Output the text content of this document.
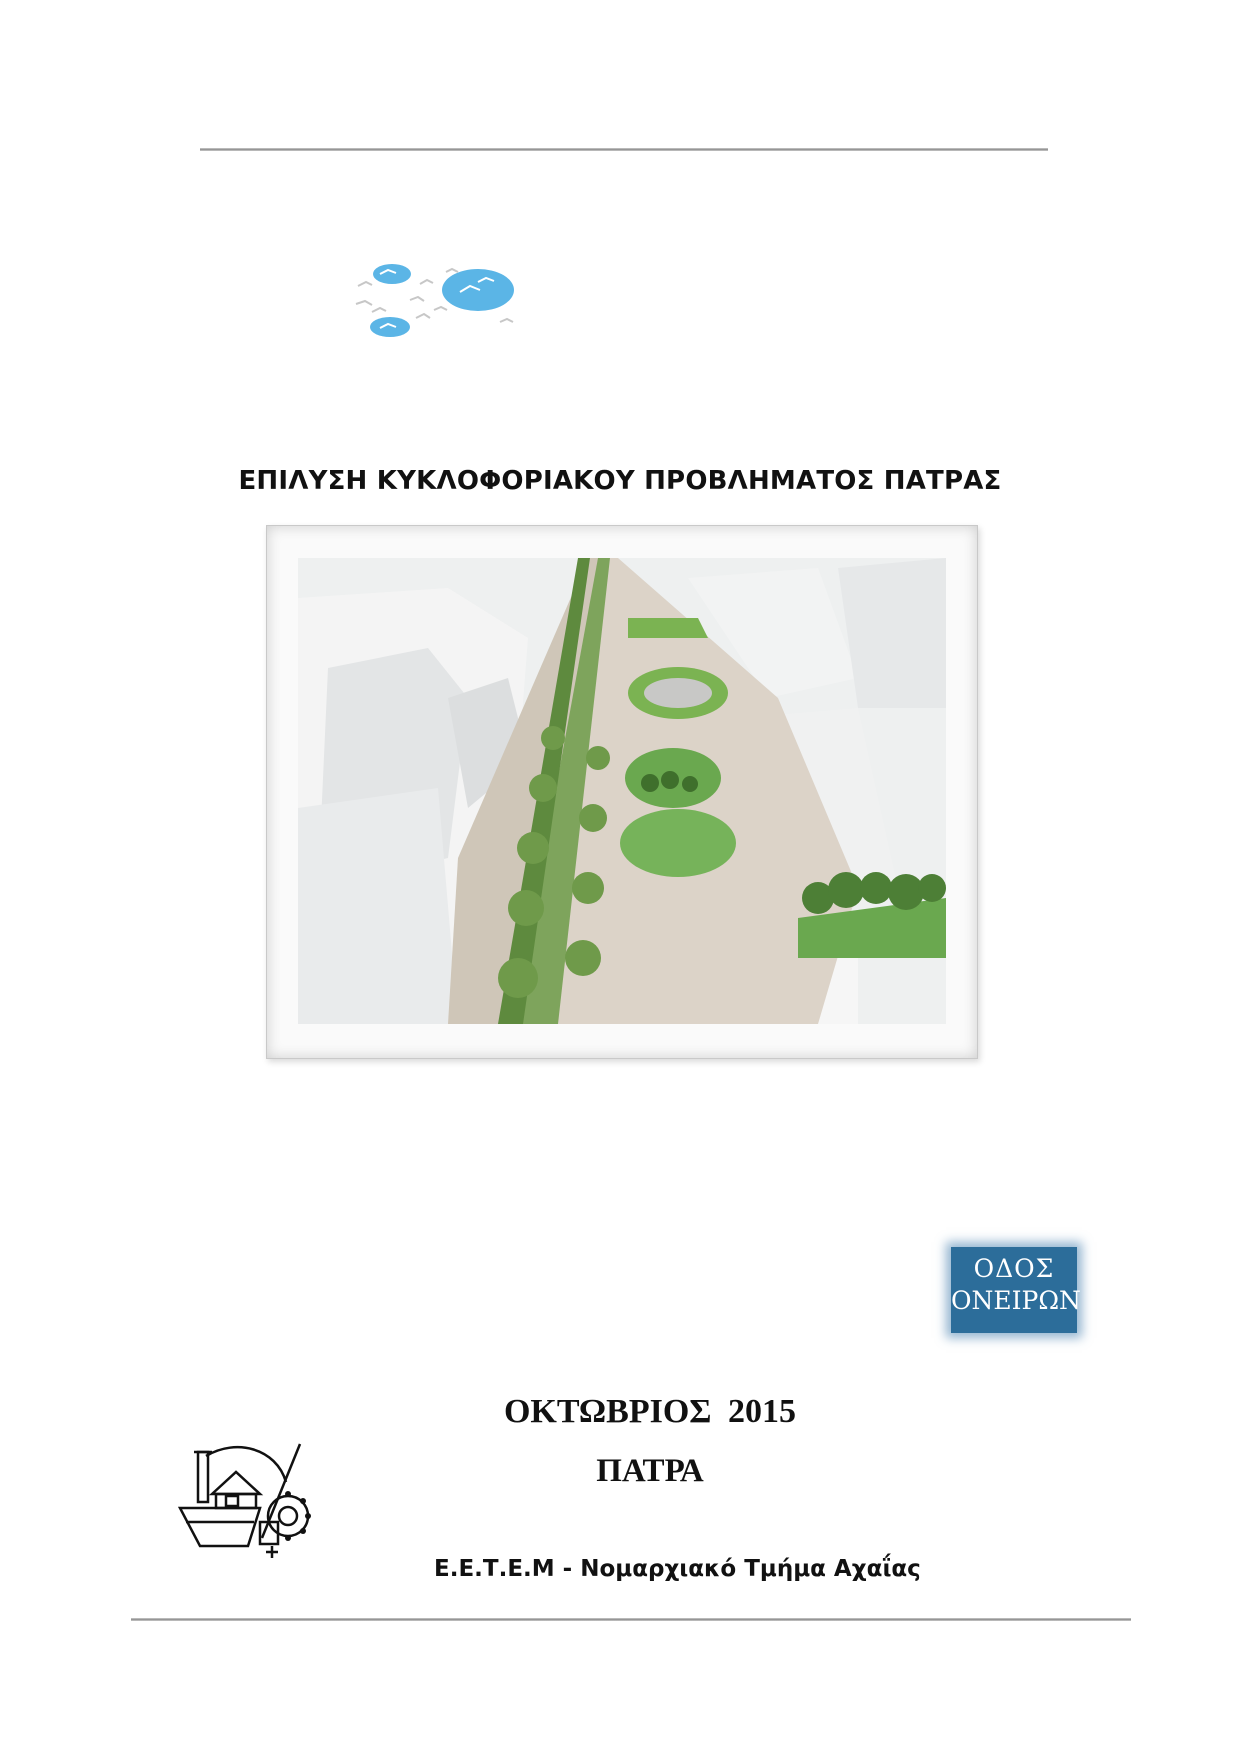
ΕΠΙΛΥΣΗ ΚΥΚΛΟΦΟΡΙΑΚΟΥ ΠΡΟΒΛΗΜΑΤΟΣ ΠΑΤΡΑΣ
ΟΔΟΣ
ΟΝΕΙΡΩΝ
ΟΚΤΩΒΡΙΟΣ 2015
ΠΑΤΡΑ
Ε.Ε.Τ.Ε.Μ - Νομαρχιακό Τμήμα Αχαΐας
